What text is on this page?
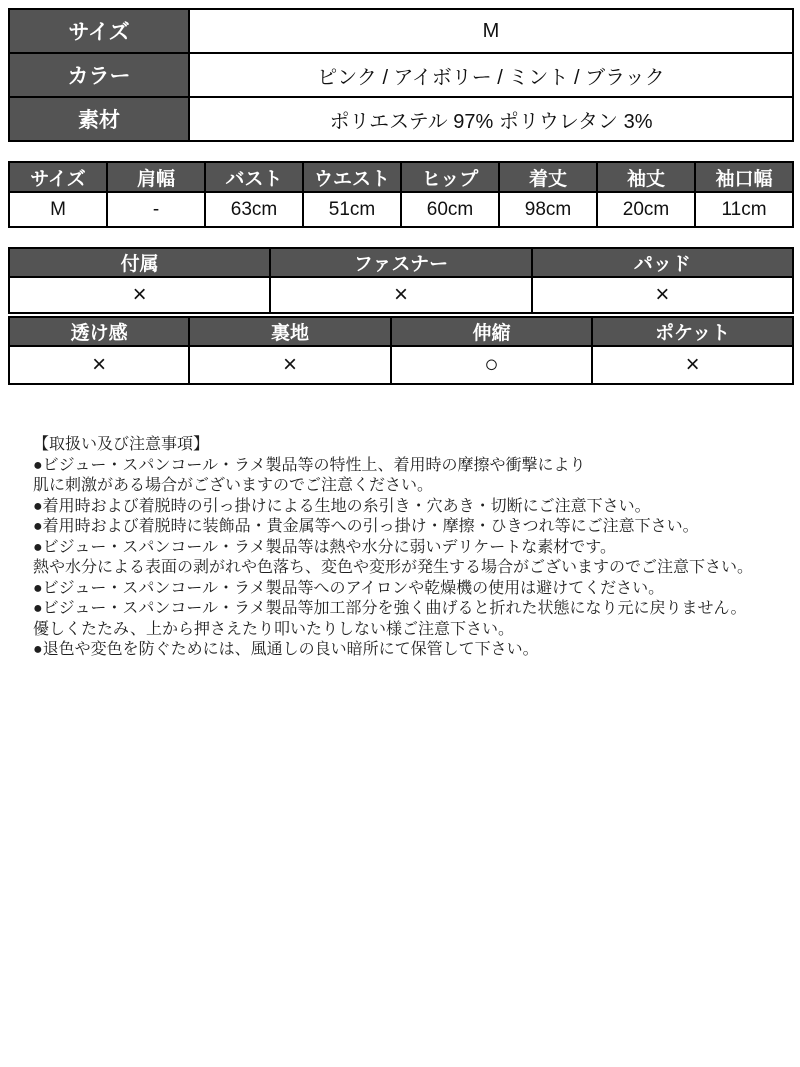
サイズ	M
カラー	ピンク / アイボリー / ミント / ブラック
素材	ポリエステル 97% ポリウレタン 3%
サイズ	肩幅	バスト	ウエスト	ヒップ	着丈	袖丈	袖口幅
M	-	63cm	51cm	60cm	98cm	20cm	11cm
付属	ファスナー	パッド
×	×	×
透け感	裏地	伸縮	ポケット
×	×	○	×
【取扱い及び注意事項】
●ビジュー・スパンコール・ラメ製品等の特性上、着用時の摩擦や衝撃により
肌に刺激がある場合がございますのでご注意ください。
●着用時および着脱時の引っ掛けによる生地の糸引き・穴あき・切断にご注意下さい。
●着用時および着脱時に装飾品・貴金属等への引っ掛け・摩擦・ひきつれ等にご注意下さい。
●ビジュー・スパンコール・ラメ製品等は熱や水分に弱いデリケートな素材です。
熱や水分による表面の剥がれや色落ち、変色や変形が発生する場合がございますのでご注意下さい。
●ビジュー・スパンコール・ラメ製品等へのアイロンや乾燥機の使用は避けてください。
●ビジュー・スパンコール・ラメ製品等加工部分を強く曲げると折れた状態になり元に戻りません。
優しくたたみ、上から押さえたり叩いたりしない様ご注意下さい。
●退色や変色を防ぐためには、風通しの良い暗所にて保管して下さい。
